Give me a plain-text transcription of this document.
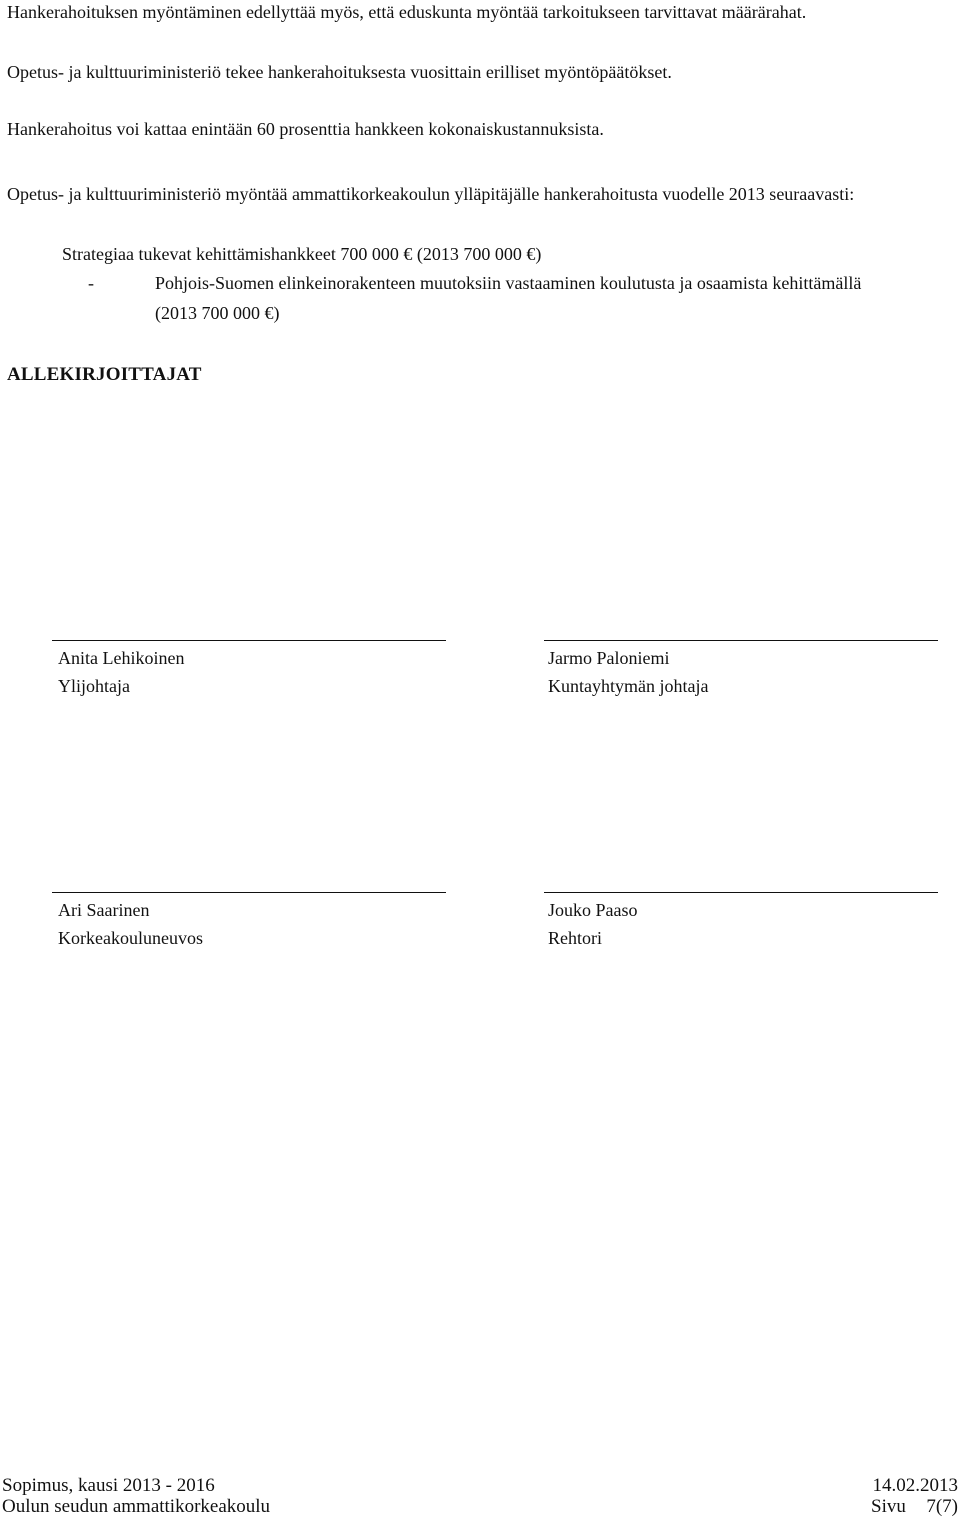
Hankerahoituksen myöntäminen edellyttää myös, että eduskunta myöntää tarkoitukseen tarvittavat määrärahat.
Opetus- ja kulttuuriministeriö tekee hankerahoituksesta vuosittain erilliset myöntöpäätökset.
Hankerahoitus voi kattaa enintään 60 prosenttia hankkeen kokonaiskustannuksista.
Opetus- ja kulttuuriministeriö myöntää ammattikorkeakoulun ylläpitäjälle hankerahoitusta vuodelle 2013 seuraavasti:
Strategiaa tukevat kehittämishankkeet 700 000 € (2013 700 000 €)
-	Pohjois-Suomen elinkeinorakenteen muutoksiin vastaaminen koulutusta ja osaamista kehittämällä
(2013 700 000 €)
ALLEKIRJOITTAJAT
Anita Lehikoinen
Ylijohtaja
Jarmo Paloniemi
Kuntayhtymän johtaja
Ari Saarinen
Korkeakouluneuvos
Jouko Paaso
Rehtori
Sopimus, kausi 2013 - 2016
Oulun seudun ammattikorkeakoulu
14.02.2013
Sivu 7(7)
